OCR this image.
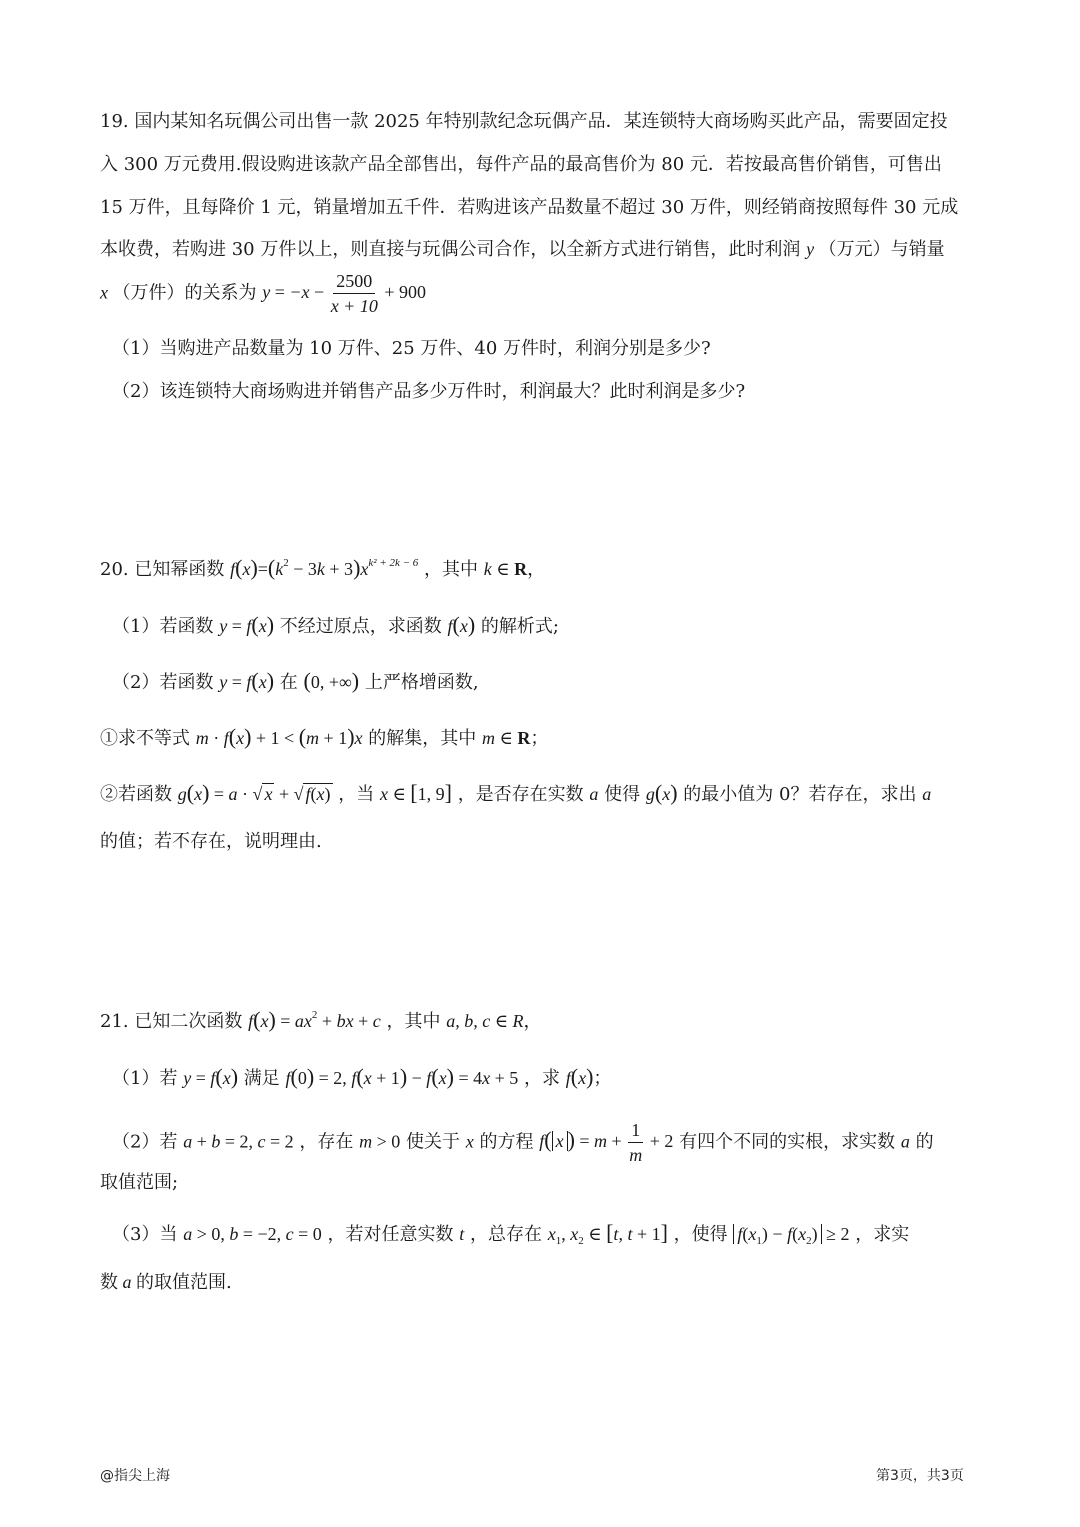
19. 国内某知名玩偶公司出售一款 2025 年特别款纪念玩偶产品．某连锁特大商场购买此产品，需要固定投
入 300 万元费用.假设购进该款产品全部售出，每件产品的最高售价为 80 元．若按最高售价销售，可售出
15 万件，且每降价 1 元，销量增加五千件．若购进该产品数量不超过 30 万件，则经销商按照每件 30 元成
本收费，若购进 30 万件以上，则直接与玩偶公司合作，以全新方式进行销售，此时利润 y （万元）与销量
x （万件）的关系为 $y = -x - \frac{2500}{x + 10} + 900$
（1）当购进产品数量为 10 万件、25 万件、40 万件时，利润分别是多少?
（2）该连锁特大商场购进并销售产品多少万件时，利润最大？此时利润是多少?
20. 已知幂函数 $f(x)=(k^2 - 3k + 3)x^{k^2 + 2k - 6}$ ，其中 k ∈ R，
（1）若函数 y = f(x) 不经过原点，求函数 f(x) 的解析式;
（2）若函数 y = f(x) 在 (0, +∞) 上严格增函数,
①求不等式 m · f(x) + 1 < (m + 1)x 的解集，其中 m ∈ R；
②若函数 g(x) = a · √ x + √ f(x) ，当 x ∈ [1, 9] ，是否存在实数 a 使得 g(x) 的最小值为 0？若存在，求出 a
的值；若不存在，说明理由.
21. 已知二次函数 $f(x) = ax^2$ + bx + c ，其中 a, b, c ∈ R，
（1）若 y = f(x) 满足 f(0) = 2, f(x + 1) − f(x) = 4x + 5 ，求 f(x)；
（2）若 a + b = 2, c = 2 ，存在 m > 0 使关于 x 的方程 f( x ) = $m + \frac{1}{m} + 2$ 有四个不同的实根，求实数 a 的
取值范围;
（3）当 a > 0, b = −2, c = 0 ，若对任意实数 t ，总存在 $x_1$, $x_2$ ∈ [t, t + 1] ，使得 $f(x_1) - f(x_2) \ge 2$ ，求实
数 a 的取值范围.
@指尖上海	第3页，共3页
